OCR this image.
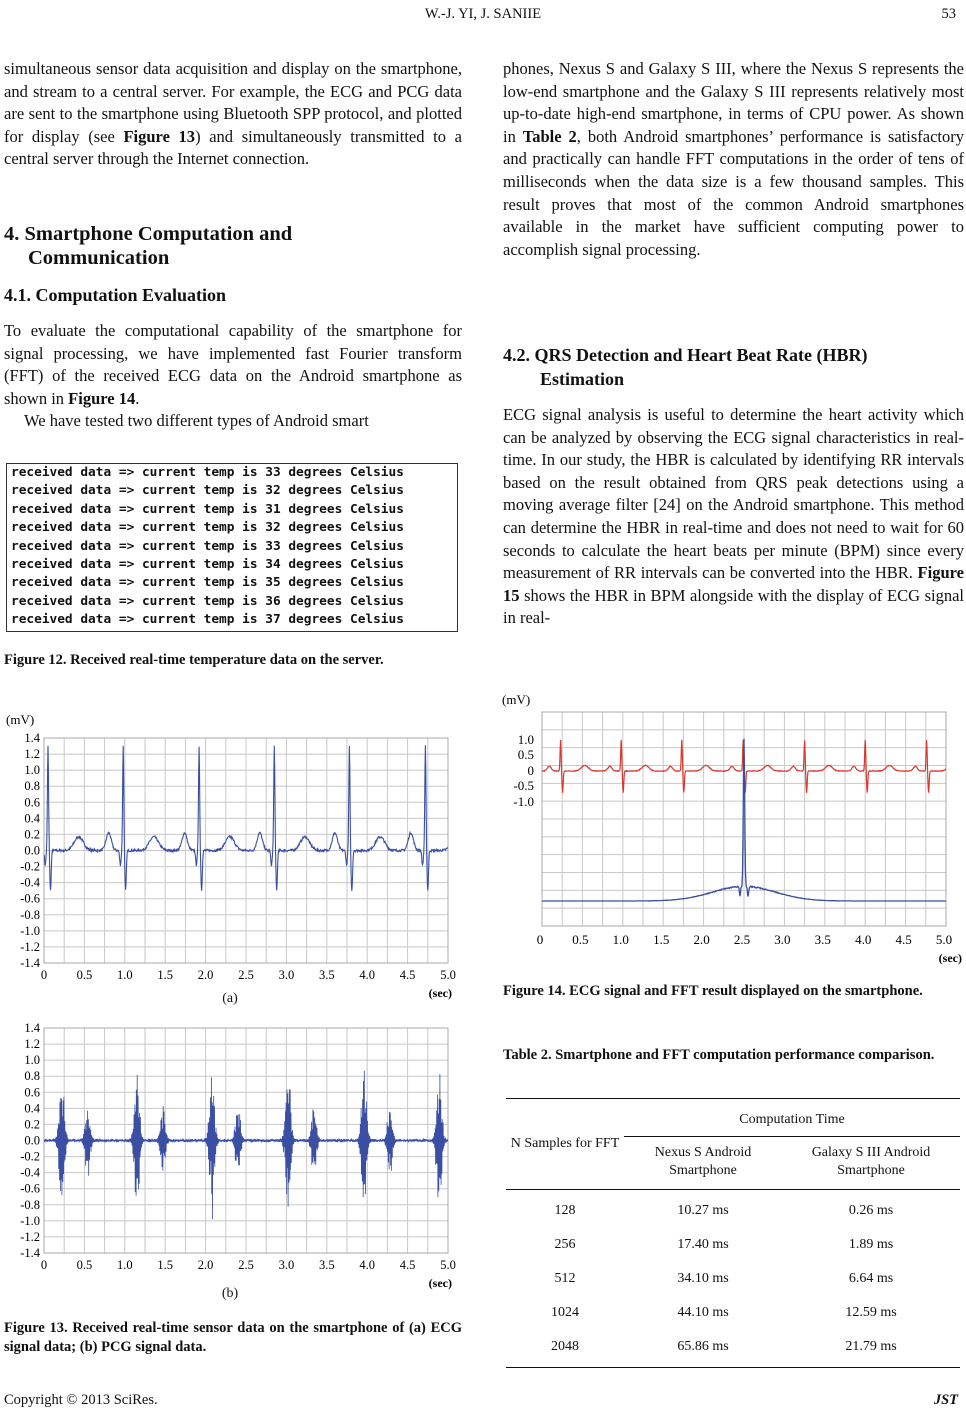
W.-J. YI, J. SANIIE	53

simultaneous sensor data acquisition and display on the smartphone, and stream to a central server. For example, the ECG and PCG data are sent to the smartphone using Bluetooth SPP protocol, and plotted for display (see Figure 13) and simultaneously transmitted to a central server through the Internet connection.

4. Smartphone Computation and
Communication
4.1. Computation Evaluation

To evaluate the computational capability of the smartphone for signal processing, we have implemented fast Fourier transform (FFT) of the received ECG data on the Android smartphone as shown in Figure 14.

We have tested two different types of Android smart

received data => current temp is 33 degrees Celsius
received data => current temp is 32 degrees Celsius
received data => current temp is 31 degrees Celsius
received data => current temp is 32 degrees Celsius
received data => current temp is 33 degrees Celsius
received data => current temp is 34 degrees Celsius
received data => current temp is 35 degrees Celsius
received data => current temp is 36 degrees Celsius
received data => current temp is 37 degrees Celsius
Figure 12. Received real-time temperature data on the server.
(mV)
1.4
1.2
1.0
0.8
0.6
0.4
0.2
0.0
-0.2
-0.4
-0.6
-0.8
-1.0
-1.2
-1.4
0 0.5 1.0 1.5 2.0 2.5 3.0 3.5 4.0 4.5 5.0
(sec)
(a)
1.4
1.2
1.0
0.8
0.6
0.4
0.2
0.0
-0.2
-0.4
-0.6
-0.8
-1.0
-1.2
-1.4
0 0.5 1.0 1.5 2.0 2.5 3.0 3.5 4.0 4.5 5.0
(sec)
(b)
Figure 13. Received real-time sensor data on the smartphone of (a) ECG signal data; (b) PCG signal data.

phones, Nexus S and Galaxy S III, where the Nexus S represents the low-end smartphone and the Galaxy S III represents relatively most up-to-date high-end smartphone, in terms of CPU power. As shown in Table 2, both Android smartphones’ performance is satisfactory and practically can handle FFT computations in the order of tens of milliseconds when the data size is a few thousand samples. This result proves that most of the common Android smartphones available in the market have sufficient computing power to accomplish signal processing.

4.2. QRS Detection and Heart Beat Rate (HBR)
Estimation

ECG signal analysis is useful to determine the heart activity which can be analyzed by observing the ECG signal characteristics in real-time. In our study, the HBR is calculated by identifying RR intervals based on the result obtained from QRS peak detections using a moving average filter [24] on the Android smartphone. This method can determine the HBR in real-time and does not need to wait for 60 seconds to calculate the heart beats per minute (BPM) since every measurement of RR intervals can be converted into the HBR. Figure 15 shows the HBR in BPM alongside with the display of ECG signal in real-

(mV)
1.0
0.5
0
-0.5
-1.0
0 0.5 1.0 1.5 2.0 2.5 3.0 3.5 4.0 4.5 5.0
(sec)
Figure 14. ECG signal and FFT result displayed on the smartphone.
Table 2. Smartphone and FFT computation performance comparison.
N Samples for FFT	Computation Time	
	Nexus S Android Smartphone	Galaxy S III Android Smartphone
128	10.27 ms	0.26 ms
256	17.40 ms	1.89 ms
512	34.10 ms	6.64 ms
1024	44.10 ms	12.59 ms
2048	65.86 ms	21.79 ms
Copyright © 2013 SciRes.	JST
